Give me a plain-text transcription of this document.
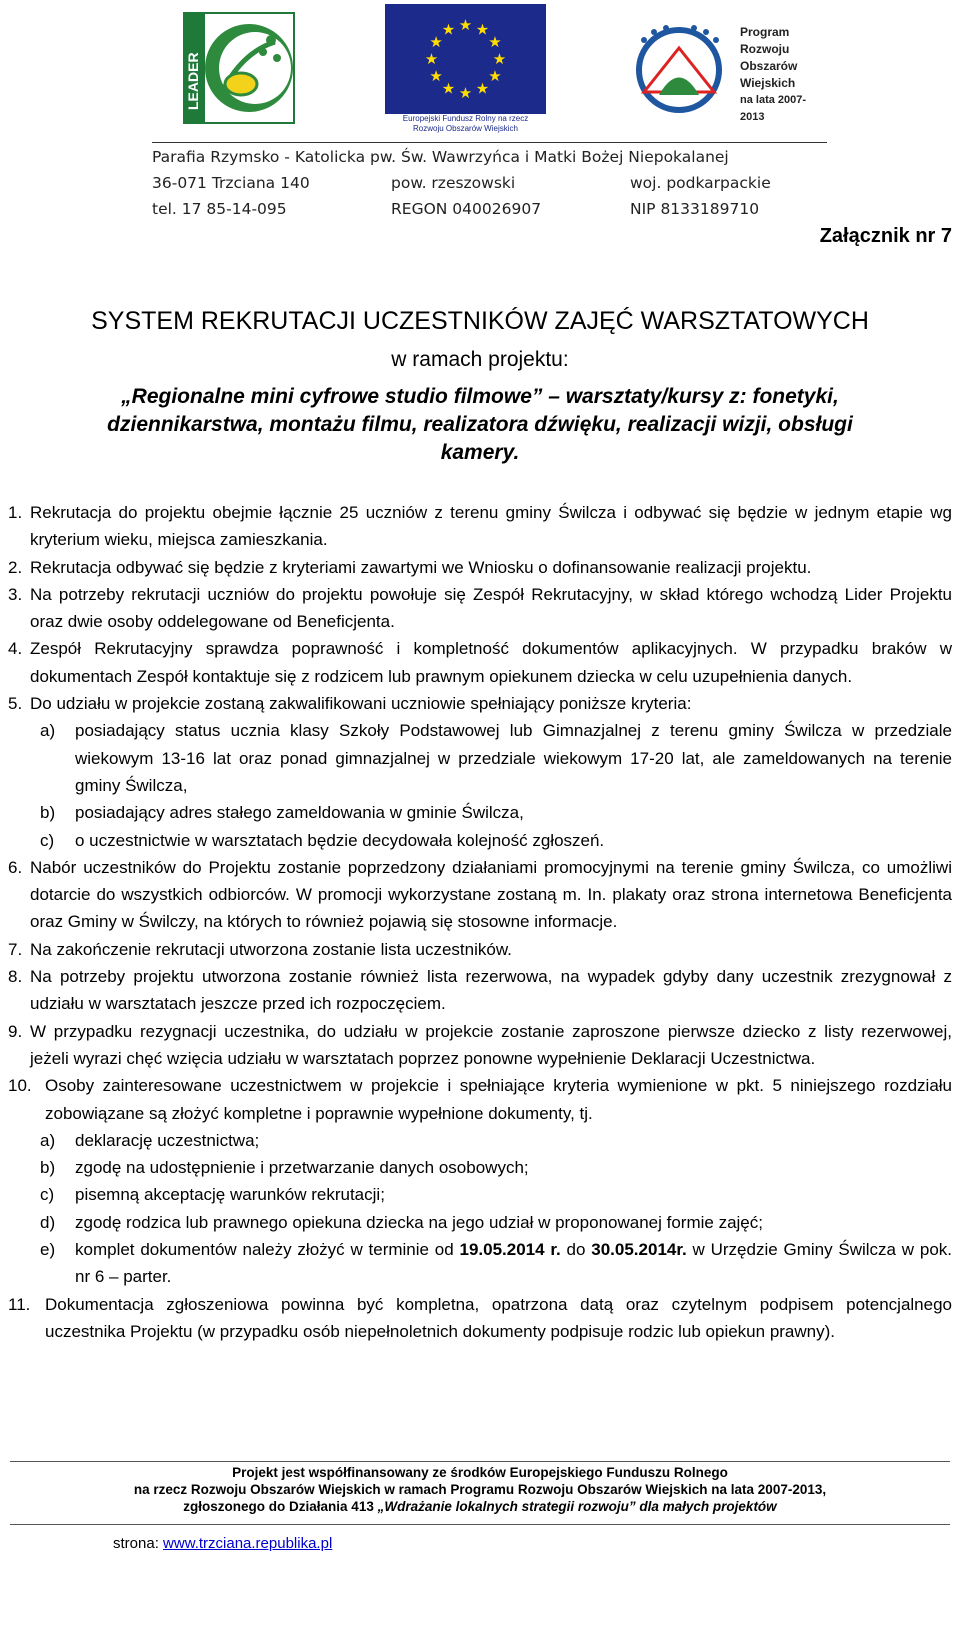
LEADER
★ ★
★
★
★
★
★
★
★
★
★
★
Europejski Fundusz Rolny na rzecz
Rozwoju Obszarów Wiejskich
Program
Rozwoju
Obszarów
Wiejskich
na lata 2007-2013
Parafia Rzymsko - Katolicka pw. Św. Wawrzyńca i Matki Bożej Niepokalanej
36-071 Trzciana 140	pow. rzeszowski	woj. podkarpackie
tel. 17 85-14-095	REGON 040026907	NIP 8133189710
Załącznik nr 7
SYSTEM REKRUTACJI UCZESTNIKÓW ZAJĘĆ WARSZTATOWYCH
w ramach projektu:
„Regionalne mini cyfrowe studio filmowe” – warsztaty/kursy z: fonetyki,
dziennikarstwa, montażu filmu, realizatora dźwięku, realizacji wizji, obsługi
kamery.
1. Rekrutacja do projektu obejmie łącznie 25 uczniów z terenu gminy Świlcza i odbywać się będzie w jednym etapie wg kryterium wieku, miejsca zamieszkania.
2. Rekrutacja odbywać się będzie z kryteriami zawartymi we Wniosku o dofinansowanie realizacji projektu.
3. Na potrzeby rekrutacji uczniów do projektu powołuje się Zespół Rekrutacyjny, w skład którego wchodzą Lider Projektu oraz dwie osoby oddelegowane od Beneficjenta.
4. Zespół Rekrutacyjny sprawdza poprawność i kompletność dokumentów aplikacyjnych. W przypadku braków w dokumentach Zespół kontaktuje się z rodzicem lub prawnym opiekunem dziecka w celu uzupełnienia danych.
5. Do udziału w projekcie zostaną zakwalifikowani uczniowie spełniający poniższe kryteria:
a) posiadający status ucznia klasy Szkoły Podstawowej lub Gimnazjalnej z terenu gminy Świlcza w przedziale wiekowym 13-16 lat oraz ponad gimnazjalnej w przedziale wiekowym 17-20 lat, ale zameldowanych na terenie gminy Świlcza,
b) posiadający adres stałego zameldowania w gminie Świlcza,
c) o uczestnictwie w warsztatach będzie decydowała kolejność zgłoszeń.
6. Nabór uczestników do Projektu zostanie poprzedzony działaniami promocyjnymi na terenie gminy Świlcza, co umożliwi dotarcie do wszystkich odbiorców. W promocji wykorzystane zostaną m. In. plakaty oraz strona internetowa Beneficjenta oraz Gminy w Świlczy, na których to również pojawią się stosowne informacje.
7. Na zakończenie rekrutacji utworzona zostanie lista uczestników.
8. Na potrzeby projektu utworzona zostanie również lista rezerwowa, na wypadek gdyby dany uczestnik zrezygnował z udziału w warsztatach jeszcze przed ich rozpoczęciem.
9. W przypadku rezygnacji uczestnika, do udziału w projekcie zostanie zaproszone pierwsze dziecko z listy rezerwowej, jeżeli wyrazi chęć wzięcia udziału w warsztatach poprzez ponowne wypełnienie Deklaracji Uczestnictwa.
10. Osoby zainteresowane uczestnictwem w projekcie i spełniające kryteria wymienione w pkt. 5 niniejszego rozdziału zobowiązane są złożyć kompletne i poprawnie wypełnione dokumenty, tj.
a) deklarację uczestnictwa;
b) zgodę na udostępnienie i przetwarzanie danych osobowych;
c) pisemną akceptację warunków rekrutacji;
d) zgodę rodzica lub prawnego opiekuna dziecka na jego udział w proponowanej formie zajęć;
e) komplet dokumentów należy złożyć w terminie od 19.05.2014 r. do 30.05.2014r. w Urzędzie Gminy Świlcza w pok. nr 6 – parter.
11. Dokumentacja zgłoszeniowa powinna być kompletna, opatrzona datą oraz czytelnym podpisem potencjalnego uczestnika Projektu (w przypadku osób niepełnoletnich dokumenty podpisuje rodzic lub opiekun prawny).
Projekt jest współfinansowany ze środków Europejskiego Funduszu Rolnego
na rzecz Rozwoju Obszarów Wiejskich w ramach Programu Rozwoju Obszarów Wiejskich na lata 2007-2013,
zgłoszonego do Działania 413 „Wdrażanie lokalnych strategii rozwoju” dla małych projektów
strona: www.trzciana.republika.pl
